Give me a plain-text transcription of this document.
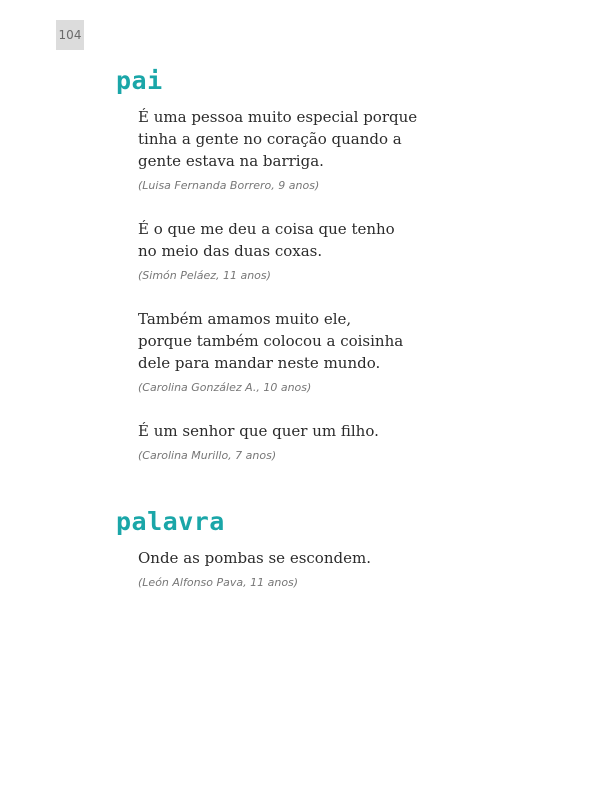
104
pai

É uma pessoa muito especial porque tinha a gente no coração quando a gente estava na barriga.

(Luisa Fernanda Borrero, 9 anos)

É o que me deu a coisa que tenho no meio das duas coxas.

(Simón Peláez, 11 anos)

Também amamos muito ele, porque também colocou a coisinha dele para mandar neste mundo.

(Carolina González A., 10 anos)

É um senhor que quer um filho.

(Carolina Murillo, 7 anos)

palavra

Onde as pombas se escondem.

(León Alfonso Pava, 11 anos)
